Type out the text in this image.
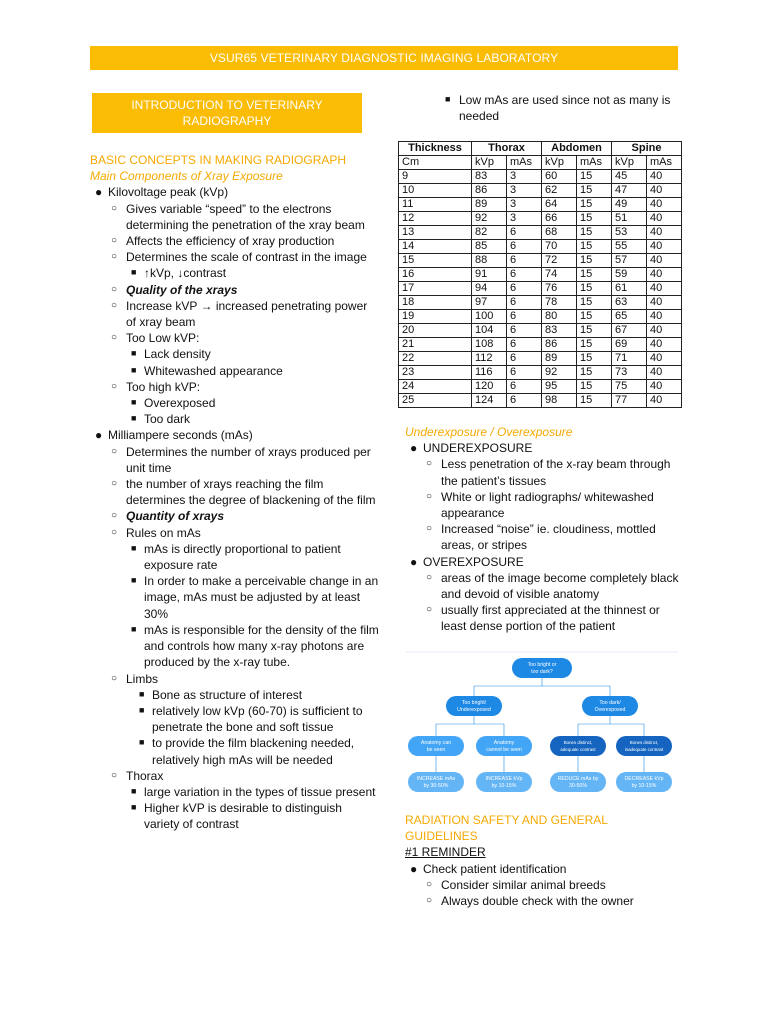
VSUR65 VETERINARY DIAGNOSTIC IMAGING LABORATORY
INTRODUCTION TO VETERINARY RADIOGRAPHY
BASIC CONCEPTS IN MAKING RADIOGRAPH
Main Components of Xray Exposure
● Kilovoltage peak (kVp)
○ Gives variable “speed” to the electrons determining the penetration of the xray beam
○ Affects the efficiency of xray production
○ Determines the scale of contrast in the image
■ ↑kVp, ↓contrast
○ Quality of the xrays
○ Increase kVP → increased penetrating power of xray beam
○ Too Low kVP:
■ Lack density
■ Whitewashed appearance
○ Too high kVP:
■ Overexposed
■ Too dark
● Milliampere seconds (mAs)
○ Determines the number of xrays produced per unit time
○ the number of xrays reaching the film determines the degree of blackening of the film
○ Quantity of xrays
○ Rules on mAs
■ mAs is directly proportional to patient exposure rate
■ In order to make a perceivable change in an image, mAs must be adjusted by at least 30%
■ mAs is responsible for the density of the film and controls how many x-ray photons are produced by the x-ray tube.
○ Limbs
■ Bone as structure of interest
■ relatively low kVp (60-70) is sufficient to penetrate the bone and soft tissue
■ to provide the film blackening needed, relatively high mAs will be needed
○ Thorax
■ large variation in the types of tissue present
■ Higher kVP is desirable to distinguish variety of contrast
■ Low mAs are used since not as many is needed
Thickness	Thorax		Abdomen		Spine	
Cm	kVp	mAs	kVp	mAs	kVp	mAs
9	83	3	60	15	45	40
10	86	3	62	15	47	40
11	89	3	64	15	49	40
12	92	3	66	15	51	40
13	82	6	68	15	53	40
14	85	6	70	15	55	40
15	88	6	72	15	57	40
16	91	6	74	15	59	40
17	94	6	76	15	61	40
18	97	6	78	15	63	40
19	100	6	80	15	65	40
20	104	6	83	15	67	40
21	108	6	86	15	69	40
22	112	6	89	15	71	40
23	116	6	92	15	73	40
24	120	6	95	15	75	40
25	124	6	98	15	77	40
Underexposure / Overexposure
● UNDEREXPOSURE
○ Less penetration of the x-ray beam through the patient’s tissues
○ White or light radiographs/ whitewashed appearance
○ Increased “noise” ie. cloudiness, mottled areas, or stripes
● OVEREXPOSURE
○ areas of the image become completely black and devoid of visible anatomy
○ usually first appreciated at the thinnest or least dense portion of the patient
Too bright or
too dark?
Too bright/
Underexposed
Too dark/
Overexposed
Anatomy can
be seen
Anatomy
cannot be seen
Bones distinct,
adequate contrast
Bones distinct,
inadequate contrast
INCREASE mAs
by 30-50%
INCREASE kVp
by 10-15%
REDUCE mAs by
30-50%
DECREASE kVp
by 10-15%
RADIATION SAFETY AND GENERAL GUIDELINES
#1 REMINDER
● Check patient identification
○ Consider similar animal breeds
○ Always double check with the owner
